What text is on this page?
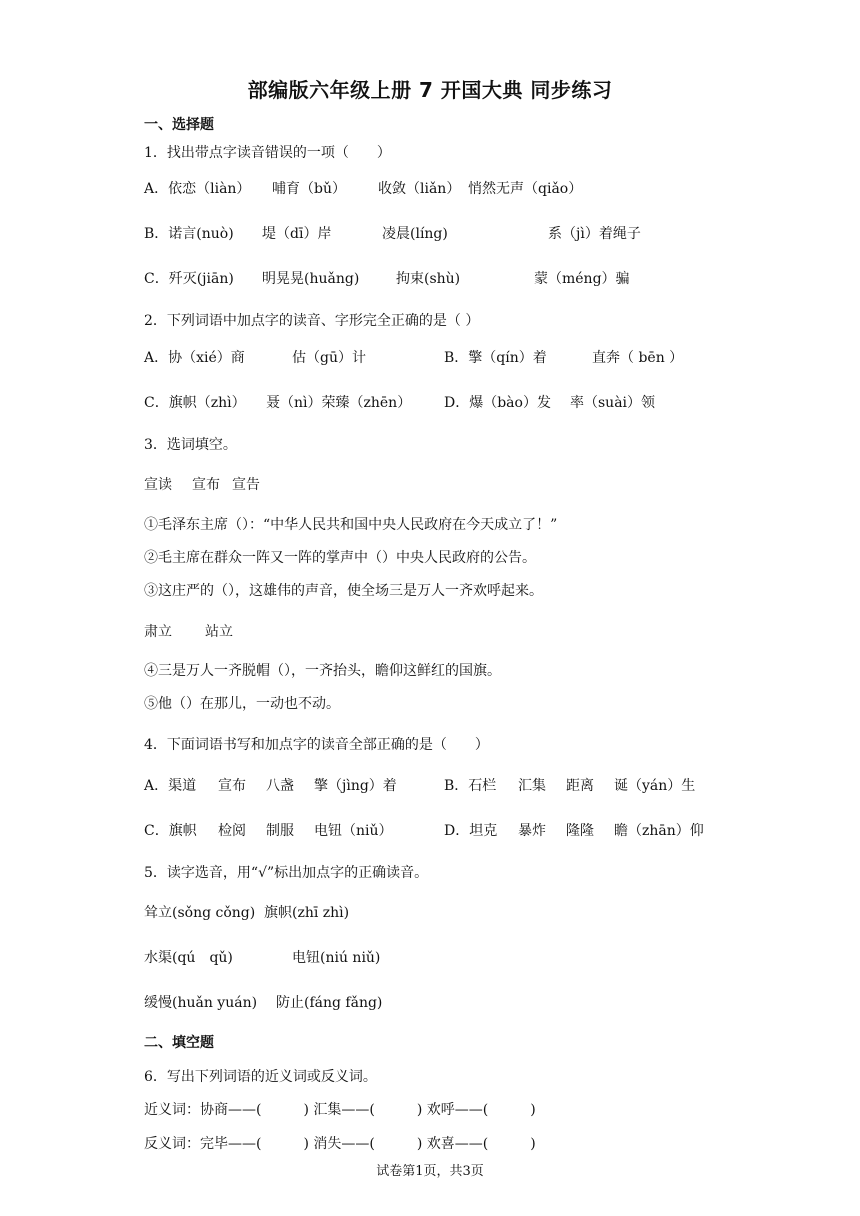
部编版六年级上册 7 开国大典 同步练习
一、选择题
1．找出带点字读音错误的一项（　　）
A．依恋（liàn） 哺育（bǔ） 收敛（liǎn） 悄然无声（qiǎo）
B．诺言(nuò) 堤（dī）岸	凌晨(líng)	系（jì）着绳子
C．歼灭(jiān) 明晃晃(huǎng)	拘束(shù)	蒙（méng）骗
2．下列词语中加点字的读音、字形完全正确的是（ ）
A．协（xié）商	估（gū）计	B．擎（qín）着	直奔（ bēn ）
C．旗帜（zhì） 聂（nì）荣臻（zhēn） D．爆（bào）发 率（suài）领
3．选词填空。
宣读 宣布 宣告
①毛泽东主席（）：“中华人民共和国中央人民政府在今天成立了！”
②毛主席在群众一阵又一阵的掌声中（）中央人民政府的公告。
③这庄严的（），这雄伟的声音，使全场三是万人一齐欢呼起来。
肃立 站立
④三是万人一齐脱帽（），一齐抬头，瞻仰这鲜红的国旗。
⑤他（）在那儿，一动也不动。
4．下面词语书写和加点字的读音全部正确的是（　　）
A．渠道 宣布 八盏 擎（jìng）着	B．石栏 汇集 距离 诞（yán）生
C．旗帜 检阅 制服 电钮（niǔ）	D．坦克 暴炸 隆隆 瞻（zhān）仰
5．读字选音，用“√”标出加点字的正确读音。
耸立(sǒng cǒng) 旗帜(zhī zhì)
水渠(qú　qǔ)	电钮(niú niǔ)
缓慢(huǎn yuán) 防止(fáng fǎng)
二、填空题
6．写出下列词语的近义词或反义词。
近义词：协商——(　　　) 汇集——(　　　) 欢呼——(　　　)
反义词：完毕——(　　　) 消失——(　　　) 欢喜——(　　　)
试卷第1页，共3页
